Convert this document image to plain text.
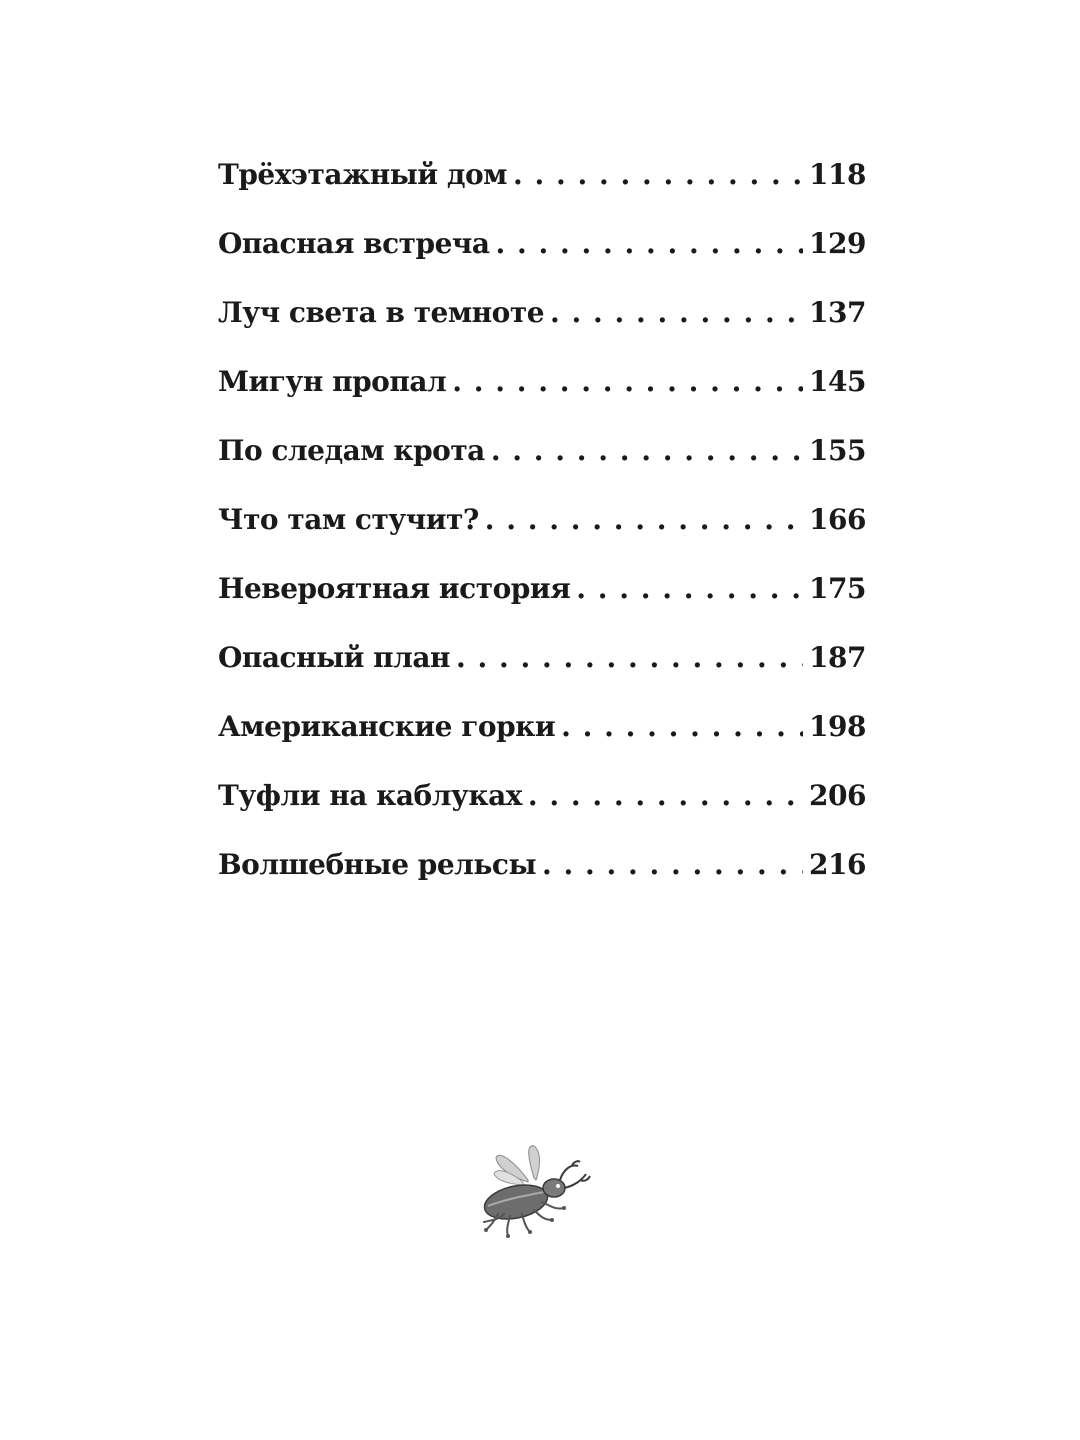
Трёхэтажный дом . . .	118
Опасная встреча . . .	129
Луч света в темноте . . .	137
Мигун пропал . . .	145
По следам крота . . .	155
Что там стучит? . . .	166
Невероятная история . . .	175
Опасный план . . .	187
Американские горки . . .	198
Туфли на каблуках . . .	206
Волшебные рельсы . . .	216
